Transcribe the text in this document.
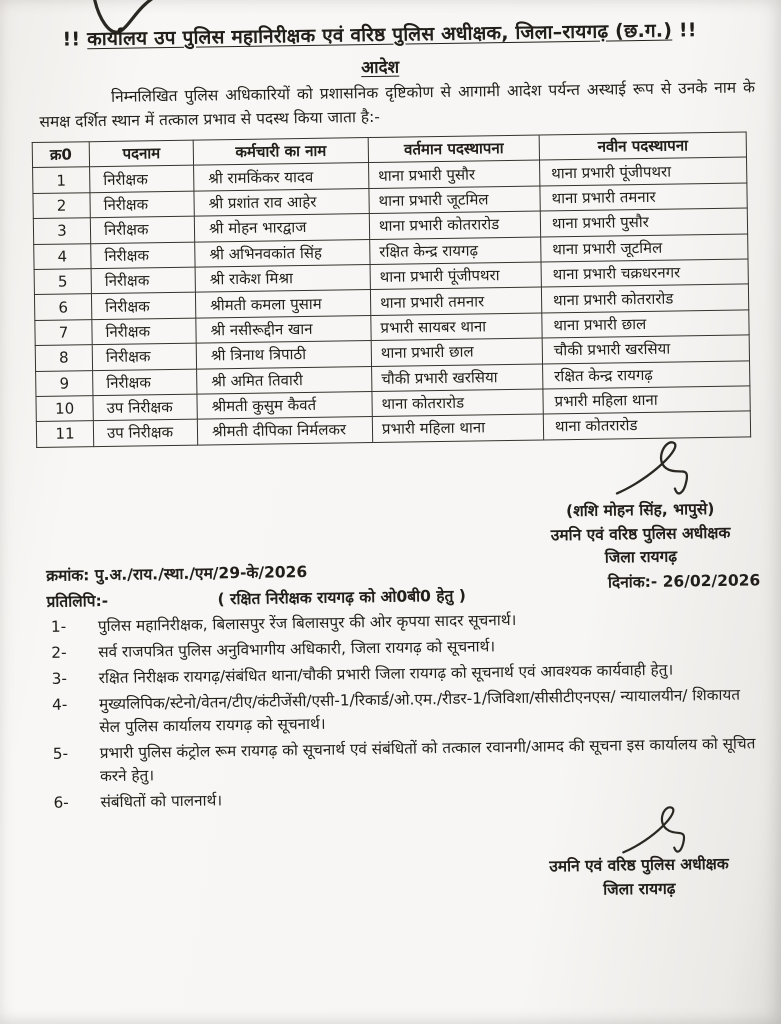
!! कार्यालय उप पुलिस महानिरीक्षक एवं वरिष्ठ पुलिस अधीक्षक, जिला–रायगढ़ (छ.ग.) !!
आदेश

निम्नलिखित पुलिस अधिकारियों को प्रशासनिक दृष्टिकोण से आगामी आदेश पर्यन्त अस्थाई रूप से उनके नाम के समक्ष दर्शित स्थान में तत्काल प्रभाव से पदस्थ किया जाता है:-

क्र0	पदनाम	कर्मचारी का नाम	वर्तमान पदस्थापना	नवीन पदस्थापना
1	निरीक्षक	श्री रामकिंकर यादव	थाना प्रभारी पुसौर	थाना प्रभारी पूंजीपथरा
2	निरीक्षक	श्री प्रशांत राव आहेर	थाना प्रभारी जूटमिल	थाना प्रभारी तमनार
3	निरीक्षक	श्री मोहन भारद्वाज	थाना प्रभारी कोतरारोड	थाना प्रभारी पुसौर
4	निरीक्षक	श्री अभिनवकांत सिंह	रक्षित केन्द्र रायगढ़	थाना प्रभारी जूटमिल
5	निरीक्षक	श्री राकेश मिश्रा	थाना प्रभारी पूंजीपथरा	थाना प्रभारी चक्रधरनगर
6	निरीक्षक	श्रीमती कमला पुसाम	थाना प्रभारी तमनार	थाना प्रभारी कोतरारोड
7	निरीक्षक	श्री नसीरूद्दीन खान	प्रभारी सायबर थाना	थाना प्रभारी छाल
8	निरीक्षक	श्री त्रिनाथ त्रिपाठी	थाना प्रभारी छाल	चौकी प्रभारी खरसिया
9	निरीक्षक	श्री अमित तिवारी	चौकी प्रभारी खरसिया	रक्षित केन्द्र रायगढ़
10	उप निरीक्षक	श्रीमती कुसुम कैवर्त	थाना कोतरारोड	प्रभारी महिला थाना
11	उप निरीक्षक	श्रीमती दीपिका निर्मलकर	प्रभारी महिला थाना	थाना कोतरारोड
(शशि मोहन सिंह, भापुसे)
उमनि एवं वरिष्ठ पुलिस अधीक्षक
जिला रायगढ़
दिनांक:- 26/02/2026
क्रमांक: पु.अ./राय./स्था./एम/29-के/2026
प्रतिलिपि:-	( रक्षित निरीक्षक रायगढ़ को ओ0बी0 हेतु )
1-	पुलिस महानिरीक्षक, बिलासपुर रेंज बिलासपुर की ओर कृपया सादर सूचनार्थ।
2-	सर्व राजपत्रित पुलिस अनुविभागीय अधिकारी, जिला रायगढ़ को सूचनार्थ।
3-	रक्षित निरीक्षक रायगढ़/संबंधित थाना/चौकी प्रभारी जिला रायगढ़ को सूचनार्थ एवं आवश्यक कार्यवाही हेतु।
4-	मुख्यलिपिक/स्टेनो/वेतन/टीए/कंटीजेंसी/एसी-1/रिकार्ड/ओ.एम./रीडर-1/जिविशा/सीसीटीएनएस/ न्यायालयीन/ शिकायत सेल पुलिस कार्यालय रायगढ़ को सूचनार्थ।
5-	प्रभारी पुलिस कंट्रोल रूम रायगढ़ को सूचनार्थ एवं संबंधितों को तत्काल रवानगी/आमद की सूचना इस कार्यालय को सूचित करने हेतु।
6-	संबंधितों को पालनार्थ।
उमनि एवं वरिष्ठ पुलिस अधीक्षक
जिला रायगढ़
